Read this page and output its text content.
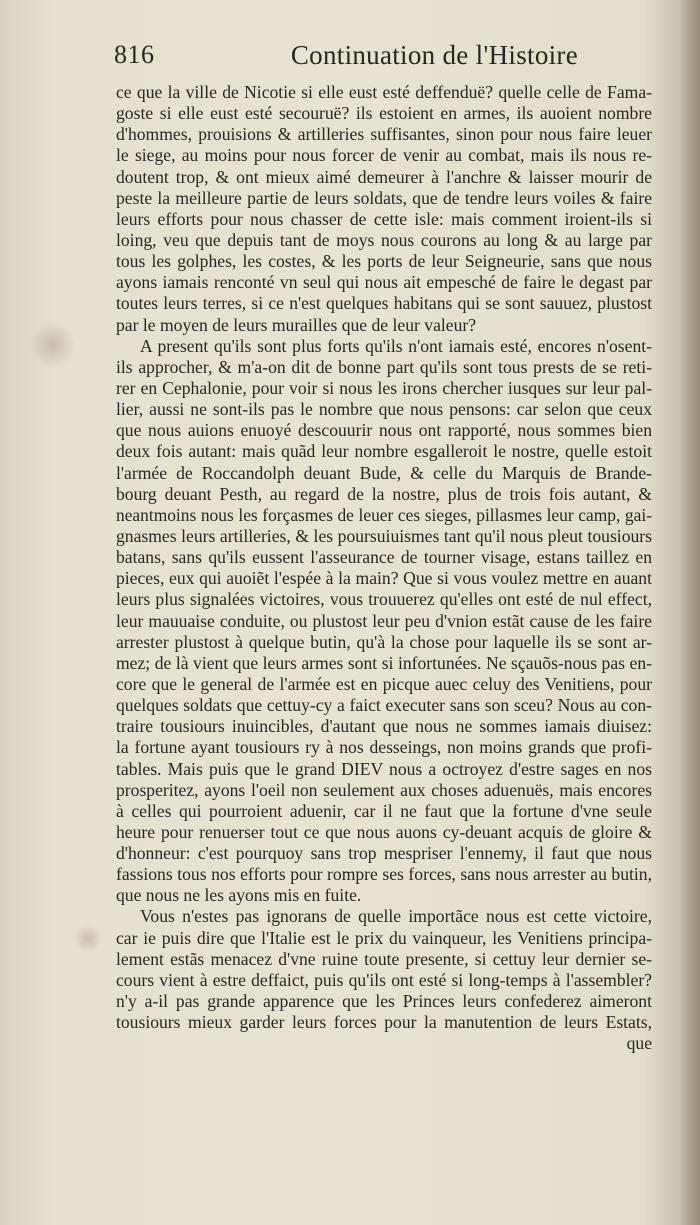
816	Continuation de l'Histoire
ce que la ville de Nicotie si elle eust esté deffenduë? quelle celle de Fama-
goste si elle eust esté secouruë? ils estoient en armes, ils auoient nombre
d'hommes, prouisions & artilleries suffisantes, sinon pour nous faire leuer
le siege, au moins pour nous forcer de venir au combat, mais ils nous re-
doutent trop, & ont mieux aimé demeurer à l'anchre & laisser mourir de
peste la meilleure partie de leurs soldats, que de tendre leurs voiles & faire
leurs efforts pour nous chasser de cette isle: mais comment iroient-ils si
loing, veu que depuis tant de moys nous courons au long & au large par
tous les golphes, les costes, & les ports de leur Seigneurie, sans que nous
ayons iamais renconté vn seul qui nous ait empesché de faire le degast par
toutes leurs terres, si ce n'est quelques habitans qui se sont sauuez, plustost
par le moyen de leurs murailles que de leur valeur?
A present qu'ils sont plus forts qu'ils n'ont iamais esté, encores n'osent-
ils approcher, & m'a-on dit de bonne part qu'ils sont tous prests de se reti-
rer en Cephalonie, pour voir si nous les irons chercher iusques sur leur pal-
lier, aussi ne sont-ils pas le nombre que nous pensons: car selon que ceux
que nous auions enuoyé descouurir nous ont rapporté, nous sommes bien
deux fois autant: mais quãd leur nombre esgalleroit le nostre, quelle estoit
l'armée de Roccandolph deuant Bude, & celle du Marquis de Brande-
bourg deuant Pesth, au regard de la nostre, plus de trois fois autant, &
neantmoins nous les forçasmes de leuer ces sieges, pillasmes leur camp, gai-
gnasmes leurs artilleries, & les poursuiuismes tant qu'il nous pleut tousiours
batans, sans qu'ils eussent l'asseurance de tourner visage, estans taillez en
pieces, eux qui auoiẽt l'espée à la main? Que si vous voulez mettre en auant
leurs plus signalées victoires, vous trouuerez qu'elles ont esté de nul effect,
leur mauuaise conduite, ou plustost leur peu d'vnion estãt cause de les faire
arrester plustost à quelque butin, qu'à la chose pour laquelle ils se sont ar-
mez; de là vient que leurs armes sont si infortunées. Ne sçauõs-nous pas en-
core que le general de l'armée est en picque auec celuy des Venitiens, pour
quelques soldats que cettuy-cy a faict executer sans son sceu? Nous au con-
traire tousiours inuincibles, d'autant que nous ne sommes iamais diuisez:
la fortune ayant tousiours ry à nos desseings, non moins grands que profi-
tables. Mais puis que le grand DIEV nous a octroyez d'estre sages en nos
prosperitez, ayons l'oeil non seulement aux choses aduenuës, mais encores
à celles qui pourroient aduenir, car il ne faut que la fortune d'vne seule
heure pour renuerser tout ce que nous auons cy-deuant acquis de gloire &
d'honneur: c'est pourquoy sans trop mespriser l'ennemy, il faut que nous
fassions tous nos efforts pour rompre ses forces, sans nous arrester au butin,
que nous ne les ayons mis en fuite.
Vous n'estes pas ignorans de quelle importãce nous est cette victoire,
car ie puis dire que l'Italie est le prix du vainqueur, les Venitiens principa-
lement estãs menacez d'vne ruine toute presente, si cettuy leur dernier se-
cours vient à estre deffaict, puis qu'ils ont esté si long-temps à l'assembler?
n'y a-il pas grande apparence que les Princes leurs confederez aimeront
tousiours mieux garder leurs forces pour la manutention de leurs Estats,
que
